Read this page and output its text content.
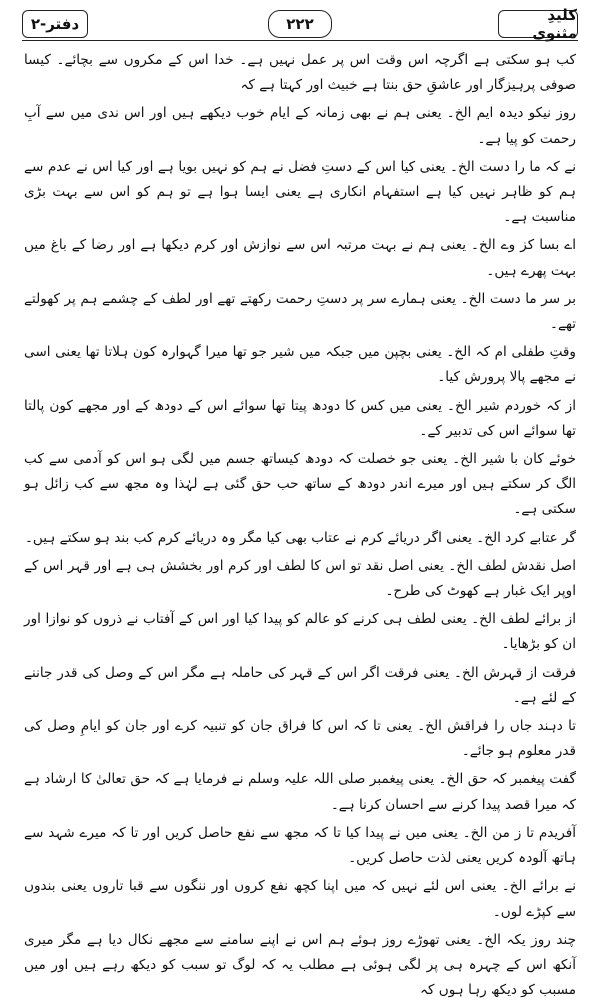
دفتر-۲	۲۲۲	کلیدِ مثنوی

کب ہو سکتی ہے اگرچہ اس وقت اس پر عمل نہیں ہے۔ خدا اس کے مکروں سے بچائے۔ کیسا صوفی پرہیزگار اور عاشقِ حق بنتا ہے خبیث اور کہتا ہے کہ

روز نیکو دیدہ ایم الخ۔ یعنی ہم نے بھی زمانہ کے ایام خوب دیکھے ہیں اور اس ندی میں سے آبِ رحمت کو پیا ہے۔

نے کہ ما را دست الخ۔ یعنی کیا اس کے دستِ فضل نے ہم کو نہیں بویا ہے اور کیا اس نے عدم سے ہم کو ظاہر نہیں کیا ہے استفہام انکاری ہے یعنی ایسا ہوا ہے تو ہم کو اس سے بہت بڑی مناسبت ہے۔

اے بسا کز وے الخ۔ یعنی ہم نے بہت مرتبہ اس سے نوازش اور کرم دیکھا ہے اور رضا کے باغ میں بہت پھرے ہیں۔

بر سر ما دست الخ۔ یعنی ہمارے سر پر دستِ رحمت رکھتے تھے اور لطف کے چشمے ہم پر کھولتے تھے۔

وقتِ طفلی ام کہ الخ۔ یعنی بچپن میں جبکہ میں شیر جو تھا میرا گہوارہ کون ہلاتا تھا یعنی اسی نے مجھے پالا پرورش کیا۔

از کہ خوردم شیر الخ۔ یعنی میں کس کا دودھ پیتا تھا سوائے اس کے دودھ کے اور مجھے کون پالتا تھا سوائے اس کی تدبیر کے۔

خوئے کان با شیر الخ۔ یعنی جو خصلت کہ دودھ کیساتھ جسم میں لگی ہو اس کو آدمی سے کب الگ کر سکتے ہیں اور میرے اندر دودھ کے ساتھ حب حق گئی ہے لہٰذا وہ مجھ سے کب زائل ہو سکتی ہے۔

گر عتابے کرد الخ۔ یعنی اگر دریائے کرم نے عتاب بھی کیا مگر وہ دریائے کرم کب بند ہو سکتے ہیں۔

اصل نقدش لطف الخ۔ یعنی اصل نقد تو اس کا لطف اور کرم اور بخشش ہی ہے اور قہر اس کے اوپر ایک غبار ہے کھوٹ کی طرح۔

از برائے لطف الخ۔ یعنی لطف ہی کرنے کو عالم کو پیدا کیا اور اس کے آفتاب نے ذروں کو نوازا اور ان کو بڑھایا۔

فرقت از قہرش الخ۔ یعنی فرقت اگر اس کے قہر کی حاملہ ہے مگر اس کے وصل کی قدر جاننے کے لئے ہے۔

تا دہند جاں را فراقش الخ۔ یعنی تا کہ اس کا فراق جان کو تنبیہ کرے اور جان کو ایامِ وصل کی قدر معلوم ہو جائے۔

گفت پیغمبر کہ حق الخ۔ یعنی پیغمبر صلی اللہ علیہ وسلم نے فرمایا ہے کہ حق تعالیٰ کا ارشاد ہے کہ میرا قصد پیدا کرنے سے احسان کرنا ہے۔

آفریدم تا ز من الخ۔ یعنی میں نے پیدا کیا تا کہ مجھ سے نفع حاصل کریں اور تا کہ میرے شہد سے ہاتھ آلودہ کریں یعنی لذت حاصل کریں۔

نے برائے الخ۔ یعنی اس لئے نہیں کہ میں اپنا کچھ نفع کروں اور ننگوں سے قبا تاروں یعنی بندوں سے کپڑے لوں۔

چند روز یکہ الخ۔ یعنی تھوڑے روز ہوئے ہم اس نے اپنے سامنے سے مجھے نکال دیا ہے مگر میری آنکھ اس کے چہرہ ہی پر لگی ہوئی ہے مطلب یہ کہ لوگ تو سبب کو دیکھ رہے ہیں اور میں مسبب کو دیکھ رہا ہوں کہ
